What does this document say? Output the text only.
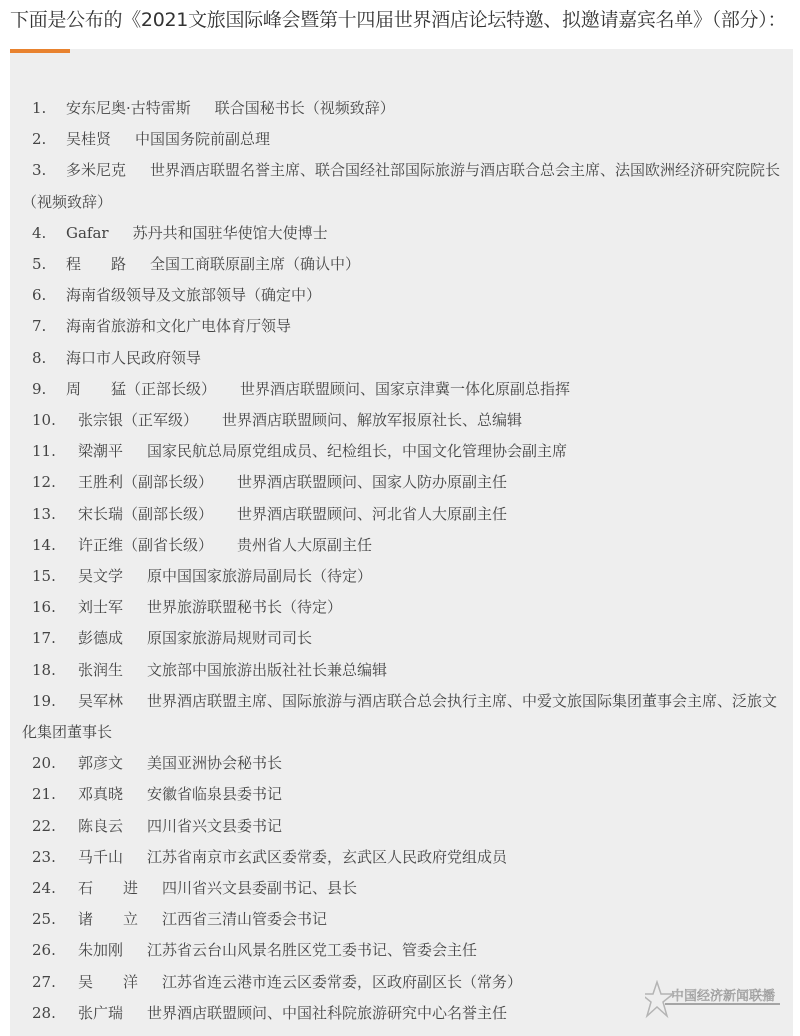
下面是公布的《2021文旅国际峰会暨第十四届世界酒店论坛特邀、拟邀请嘉宾名单》（部分）：
1. 安东尼奥·古特雷斯 联合国秘书长（视频致辞）
2. 吴桂贤 中国国务院前副总理
3. 多米尼克 世界酒店联盟名誉主席、联合国经社部国际旅游与酒店联合总会主席、法国欧洲经济研究院院长（视频致辞）
4. Gafar 苏丹共和国驻华使馆大使博士
5. 程　　路 全国工商联原副主席（确认中）
6. 海南省级领导及文旅部领导（确定中）
7. 海南省旅游和文化广电体育厅领导
8. 海口市人民政府领导
9. 周　　猛（正部长级） 世界酒店联盟顾问、国家京津冀一体化原副总指挥
10. 张宗银（正军级） 世界酒店联盟顾问、解放军报原社长、总编辑
11. 梁潮平 国家民航总局原党组成员、纪检组长，中国文化管理协会副主席
12. 王胜利（副部长级） 世界酒店联盟顾问、国家人防办原副主任
13. 宋长瑞（副部长级） 世界酒店联盟顾问、河北省人大原副主任
14. 许正维（副省长级） 贵州省人大原副主任
15. 吴文学 原中国国家旅游局副局长（待定）
16. 刘士军 世界旅游联盟秘书长（待定）
17. 彭德成 原国家旅游局规财司司长
18. 张润生 文旅部中国旅游出版社社长兼总编辑
19. 吴军林 世界酒店联盟主席、国际旅游与酒店联合总会执行主席、中爱文旅国际集团董事会主席、泛旅文化集团董事长
20. 郭彦文 美国亚洲协会秘书长
21. 邓真晓 安徽省临泉县委书记
22. 陈良云 四川省兴文县委书记
23. 马千山 江苏省南京市玄武区委常委，玄武区人民政府党组成员
24. 石　　进 四川省兴文县委副书记、县长
25. 诸　　立 江西省三清山管委会书记
26. 朱加刚 江苏省云台山风景名胜区党工委书记、管委会主任
27. 吴　　洋 江苏省连云港市连云区委常委，区政府副区长（常务）
28. 张广瑞 世界酒店联盟顾问、中国社科院旅游研究中心名誉主任
中国经济新闻联播
